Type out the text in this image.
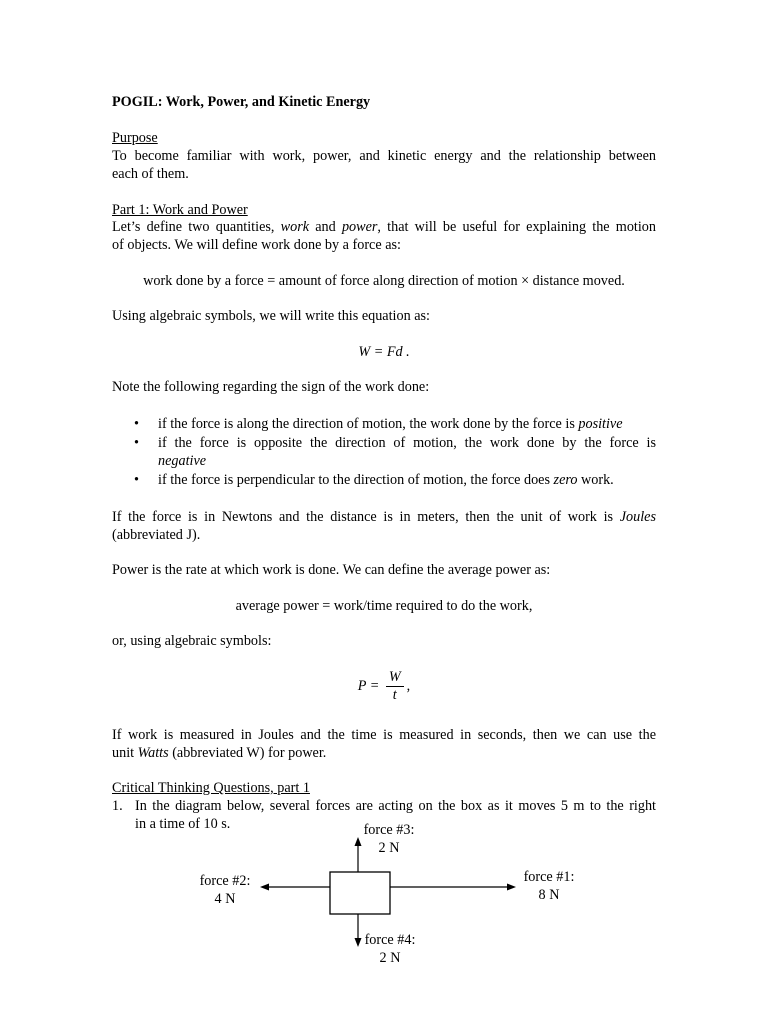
POGIL: Work, Power, and Kinetic Energy
Purpose
To become familiar with work, power, and kinetic energy and the relationship between
each of them.
Part 1: Work and Power
Let’s define two quantities, work and power, that will be useful for explaining the motion
of objects. We will define work done by a force as:
work done by a force = amount of force along direction of motion × distance moved.
Using algebraic symbols, we will write this equation as:
W = Fd .
Note the following regarding the sign of the work done:
• if the force is along the direction of motion, the work done by the force is positive
• if the force is opposite the direction of motion, the work done by the force is
negative
• if the force is perpendicular to the direction of motion, the force does zero work.
If the force is in Newtons and the distance is in meters, then the unit of work is Joules
(abbreviated J).
Power is the rate at which work is done. We can define the average power as:
average power = work/time required to do the work,
or, using algebraic symbols:
$P = \frac{W}{t}$ ,
If work is measured in Joules and the time is measured in seconds, then we can use the
unit Watts (abbreviated W) for power.
Critical Thinking Questions, part 1
1. In the diagram below, several forces are acting on the box as it moves 5 m to the right
in a time of 10 s.	force #3:
2 N
force #2:
4 N
force #1:
8 N
force #4:
2 N
